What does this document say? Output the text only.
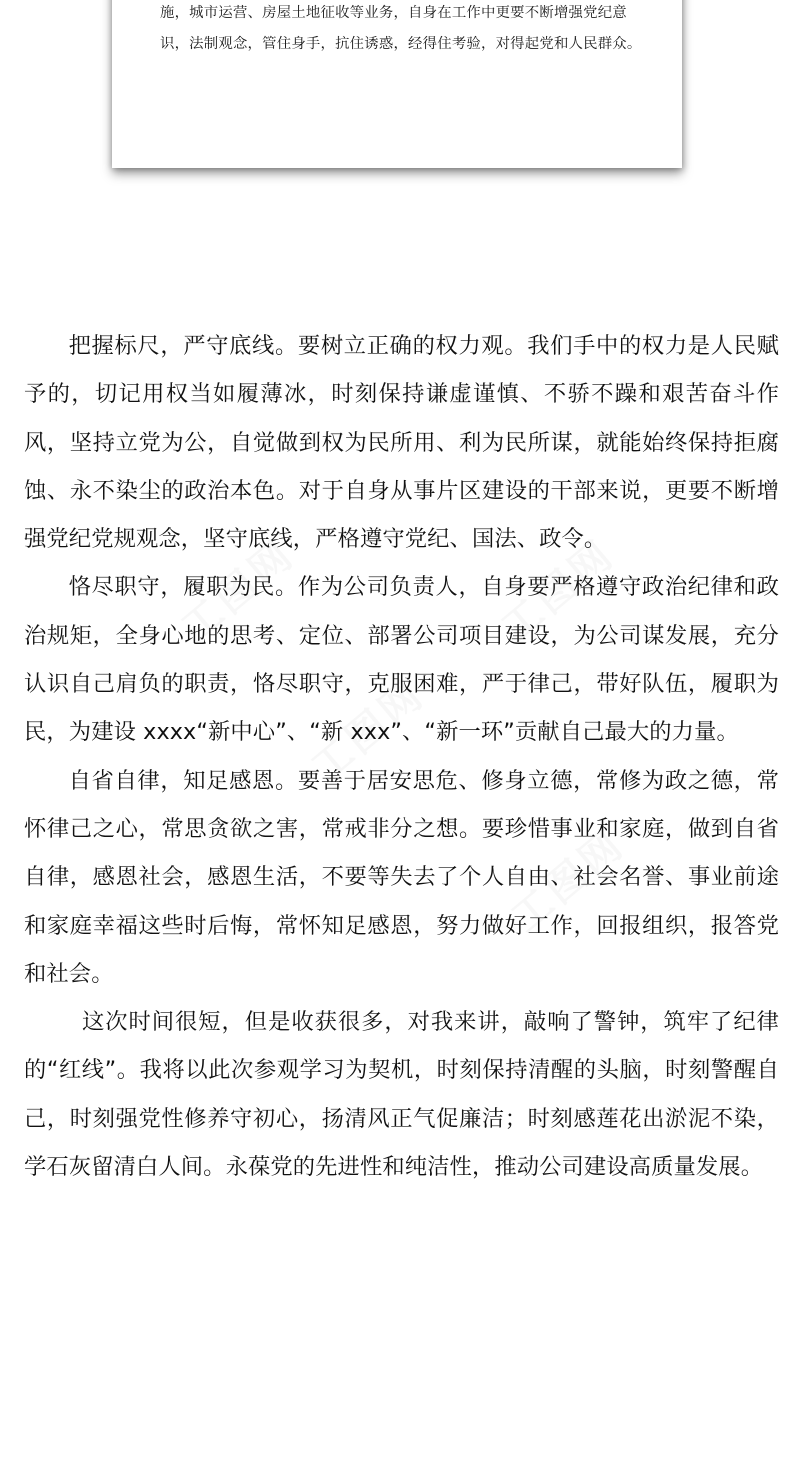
施，城市运营、房屋土地征收等业务，自身在工作中更要不断增强党纪意识，法制观念，管住身手，抗住诱惑，经得住考验，对得起党和人民群众。

工图网	工图网
工图网
工图网

把握标尺，严守底线。要树立正确的权力观。我们手中的权力是人民赋予的，切记用权当如履薄冰，时刻保持谦虚谨慎、不骄不躁和艰苦奋斗作风，坚持立党为公，自觉做到权为民所用、利为民所谋，就能始终保持拒腐蚀、永不染尘的政治本色。对于自身从事片区建设的干部来说，更要不断增强党纪党规观念，坚守底线，严格遵守党纪、国法、政令。

恪尽职守，履职为民。作为公司负责人，自身要严格遵守政治纪律和政治规矩，全身心地的思考、定位、部署公司项目建设，为公司谋发展，充分认识自己肩负的职责，恪尽职守，克服困难，严于律己，带好队伍，履职为民，为建设 xxxx“新中心”、“新 xxx”、“新一环”贡献自己最大的力量。

自省自律，知足感恩。要善于居安思危、修身立德，常修为政之德，常怀律己之心，常思贪欲之害，常戒非分之想。要珍惜事业和家庭，做到自省自律，感恩社会，感恩生活，不要等失去了个人自由、社会名誉、事业前途和家庭幸福这些时后悔，常怀知足感恩，努力做好工作，回报组织，报答党和社会。

这次时间很短，但是收获很多，对我来讲，敲响了警钟，筑牢了纪律的“红线”。我将以此次参观学习为契机，时刻保持清醒的头脑，时刻警醒自己，时刻强党性修养守初心，扬清风正气促廉洁；时刻感莲花出淤泥不染，学石灰留清白人间。永葆党的先进性和纯洁性，推动公司建设高质量发展。
